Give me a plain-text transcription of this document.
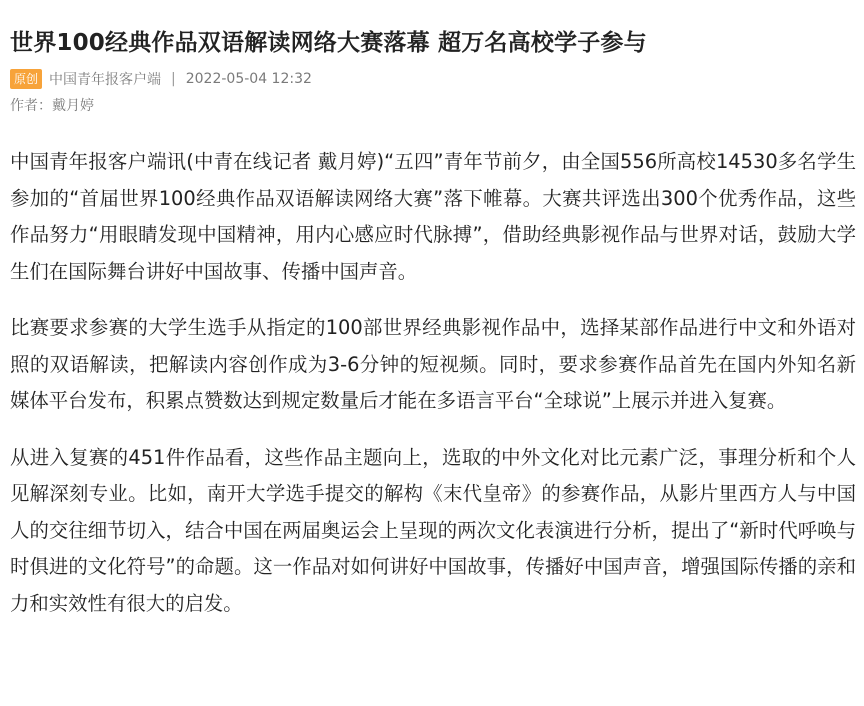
世界100经典作品双语解读网络大赛落幕 超万名高校学子参与
原创 中国青年报客户端 | 2022-05-04 12:32
作者：戴月婷

中国青年报客户端讯(中青在线记者 戴月婷)“五四”青年节前夕，由全国556所高校14530多名学生参加的“首届世界100经典作品双语解读网络大赛”落下帷幕。大赛共评选出300个优秀作品，这些作品努力“用眼睛发现中国精神，用内心感应时代脉搏”，借助经典影视作品与世界对话，鼓励大学生们在国际舞台讲好中国故事、传播中国声音。

比赛要求参赛的大学生选手从指定的100部世界经典影视作品中，选择某部作品进行中文和外语对照的双语解读，把解读内容创作成为3-6分钟的短视频。同时，要求参赛作品首先在国内外知名新媒体平台发布，积累点赞数达到规定数量后才能在多语言平台“全球说”上展示并进入复赛。

从进入复赛的451件作品看，这些作品主题向上，选取的中外文化对比元素广泛，事理分析和个人见解深刻专业。比如，南开大学选手提交的解构《末代皇帝》的参赛作品，从影片里西方人与中国人的交往细节切入，结合中国在两届奥运会上呈现的两次文化表演进行分析，提出了“新时代呼唤与时俱进的文化符号”的命题。这一作品对如何讲好中国故事，传播好中国声音，增强国际传播的亲和力和实效性有很大的启发。
